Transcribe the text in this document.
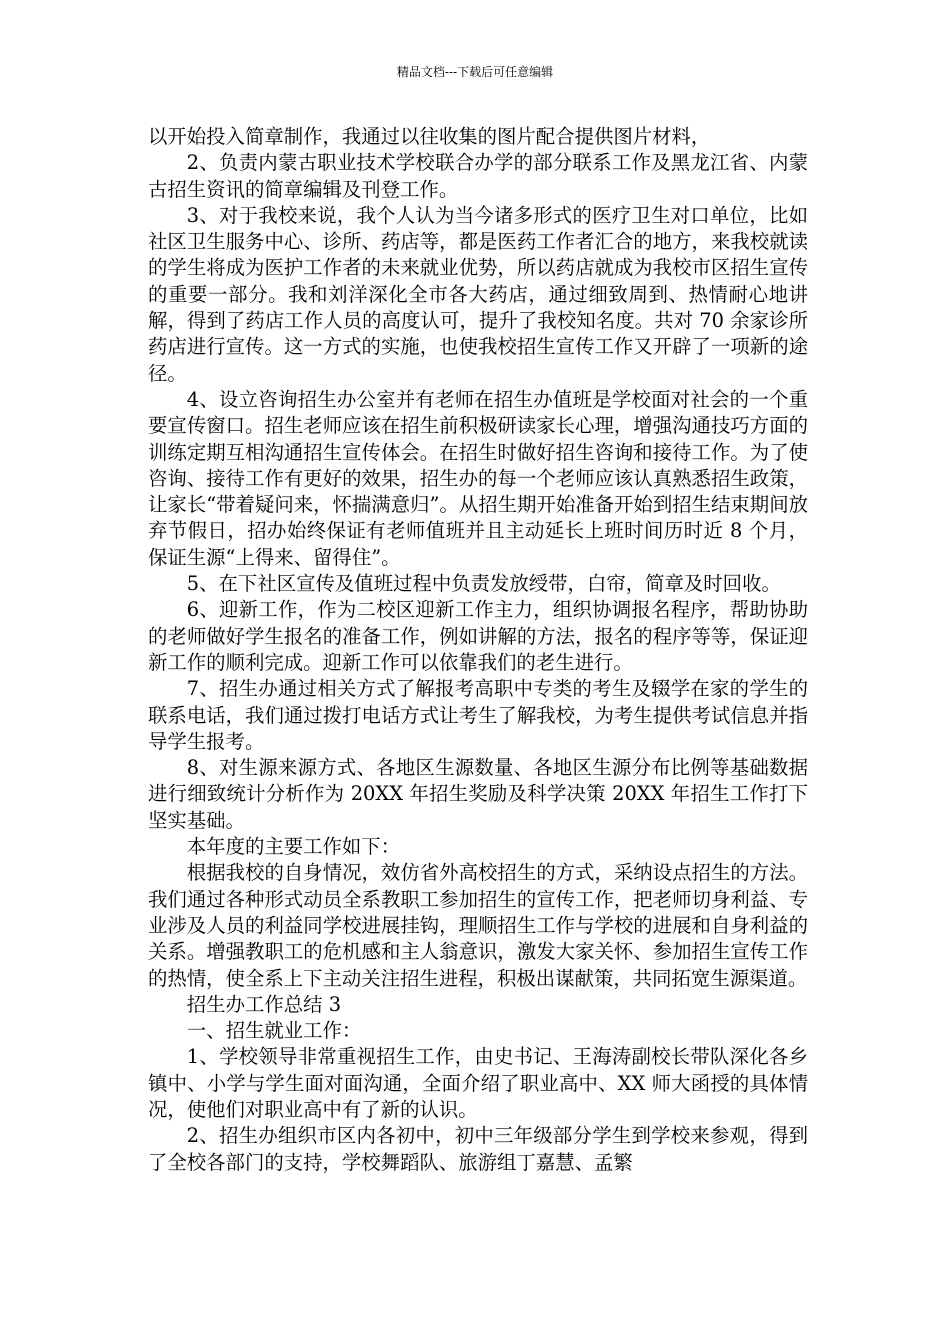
精品文档---下载后可任意编辑

以开始投入简章制作，我通过以往收集的图片配合提供图片材料，

2、负责内蒙古职业技术学校联合办学的部分联系工作及黑龙江省、内蒙古招生资讯的简章编辑及刊登工作。

3、对于我校来说，我个人认为当今诸多形式的医疗卫生对口单位，比如社区卫生服务中心、诊所、药店等，都是医药工作者汇合的地方，来我校就读的学生将成为医护工作者的未来就业优势，所以药店就成为我校市区招生宣传的重要一部分。我和刘洋深化全市各大药店，通过细致周到、热情耐心地讲解，得到了药店工作人员的高度认可，提升了我校知名度。共对 70 余家诊所药店进行宣传。这一方式的实施，也使我校招生宣传工作又开辟了一项新的途径。

4、设立咨询招生办公室并有老师在招生办值班是学校面对社会的一个重要宣传窗口。招生老师应该在招生前积极研读家长心理，增强沟通技巧方面的训练定期互相沟通招生宣传体会。在招生时做好招生咨询和接待工作。为了使咨询、接待工作有更好的效果，招生办的每一个老师应该认真熟悉招生政策，让家长“带着疑问来，怀揣满意归”。从招生期开始准备开始到招生结束期间放弃节假日，招办始终保证有老师值班并且主动延长上班时间历时近 8 个月，保证生源“上得来、留得住”。

5、在下社区宣传及值班过程中负责发放绶带，白帘，简章及时回收。

6、迎新工作，作为二校区迎新工作主力，组织协调报名程序，帮助协助的老师做好学生报名的准备工作，例如讲解的方法，报名的程序等等，保证迎新工作的顺利完成。迎新工作可以依靠我们的老生进行。

7、招生办通过相关方式了解报考高职中专类的考生及辍学在家的学生的联系电话，我们通过拨打电话方式让考生了解我校，为考生提供考试信息并指导学生报考。

8、对生源来源方式、各地区生源数量、各地区生源分布比例等基础数据进行细致统计分析作为 20XX 年招生奖励及科学决策 20XX 年招生工作打下坚实基础。

本年度的主要工作如下：

根据我校的自身情况，效仿省外高校招生的方式，采纳设点招生的方法。我们通过各种形式动员全系教职工参加招生的宣传工作，把老师切身利益、专业涉及人员的利益同学校进展挂钩，理顺招生工作与学校的进展和自身利益的关系。增强教职工的危机感和主人翁意识，激发大家关怀、参加招生宣传工作的热情，使全系上下主动关注招生进程，积极出谋献策，共同拓宽生源渠道。

招生办工作总结 3

一、招生就业工作：

1、学校领导非常重视招生工作，由史书记、王海涛副校长带队深化各乡镇中、小学与学生面对面沟通，全面介绍了职业高中、XX 师大函授的具体情况，使他们对职业高中有了新的认识。

2、招生办组织市区内各初中，初中三年级部分学生到学校来参观，得到了全校各部门的支持，学校舞蹈队、旅游组丁嘉慧、孟繁
